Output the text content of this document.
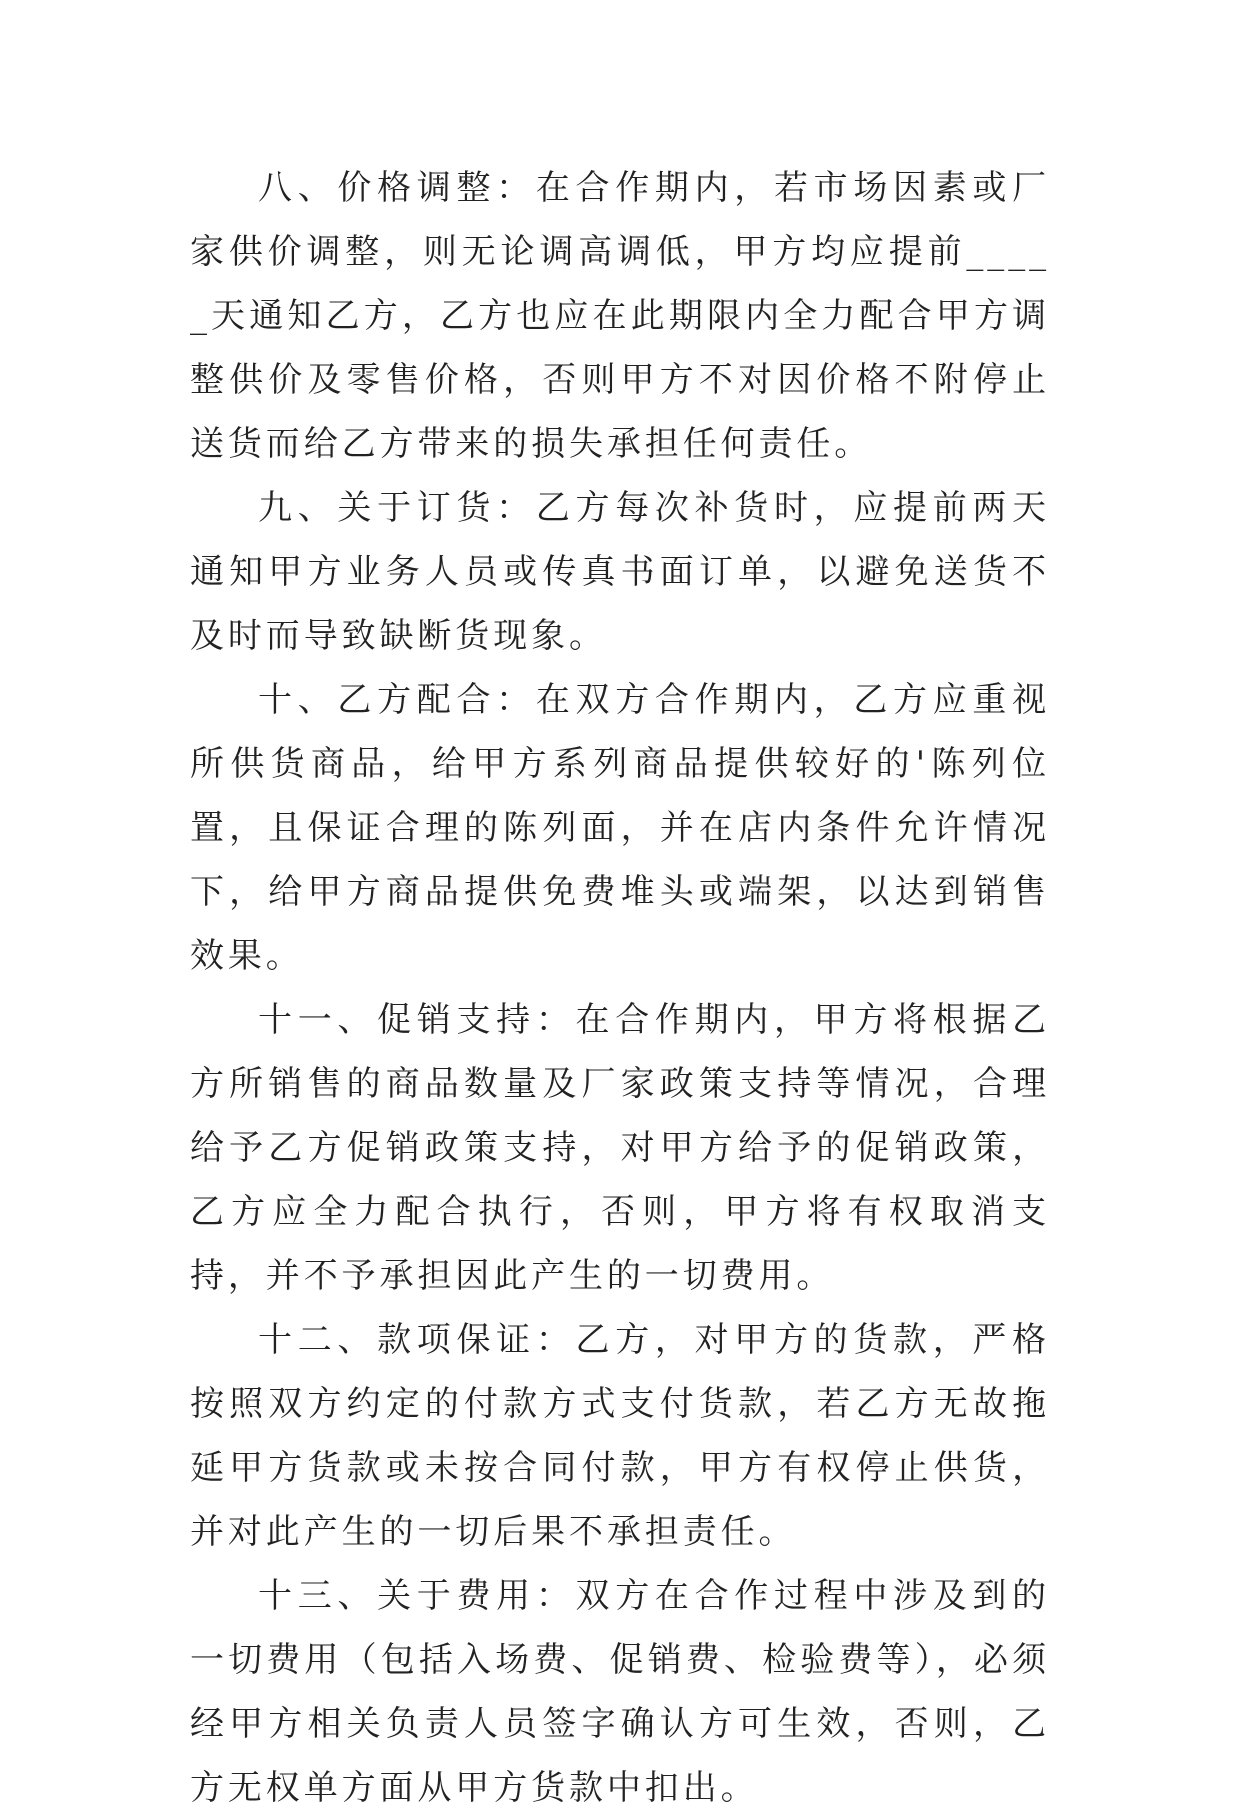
八、价格调整：在合作期内，若市场因素或厂家供价调整，则无论调高调低，甲方均应提前_____天通知乙方，乙方也应在此期限内全力配合甲方调整供价及零售价格，否则甲方不对因价格不附停止送货而给乙方带来的损失承担任何责任。

九、关于订货：乙方每次补货时，应提前两天通知甲方业务人员或传真书面订单，以避免送货不及时而导致缺断货现象。

十、乙方配合：在双方合作期内，乙方应重视所供货商品，给甲方系列商品提供较好的'陈列位置，且保证合理的陈列面，并在店内条件允许情况下，给甲方商品提供免费堆头或端架，以达到销售效果。

十一、促销支持：在合作期内，甲方将根据乙方所销售的商品数量及厂家政策支持等情况，合理给予乙方促销政策支持，对甲方给予的促销政策，乙方应全力配合执行，否则，甲方将有权取消支持，并不予承担因此产生的一切费用。

十二、款项保证：乙方，对甲方的货款，严格按照双方约定的付款方式支付货款，若乙方无故拖延甲方货款或未按合同付款，甲方有权停止供货，并对此产生的一切后果不承担责任。

十三、关于费用：双方在合作过程中涉及到的一切费用（包括入场费、促销费、检验费等），必须经甲方相关负责人员签字确认方可生效，否则，乙方无权单方面从甲方货款中扣出。
